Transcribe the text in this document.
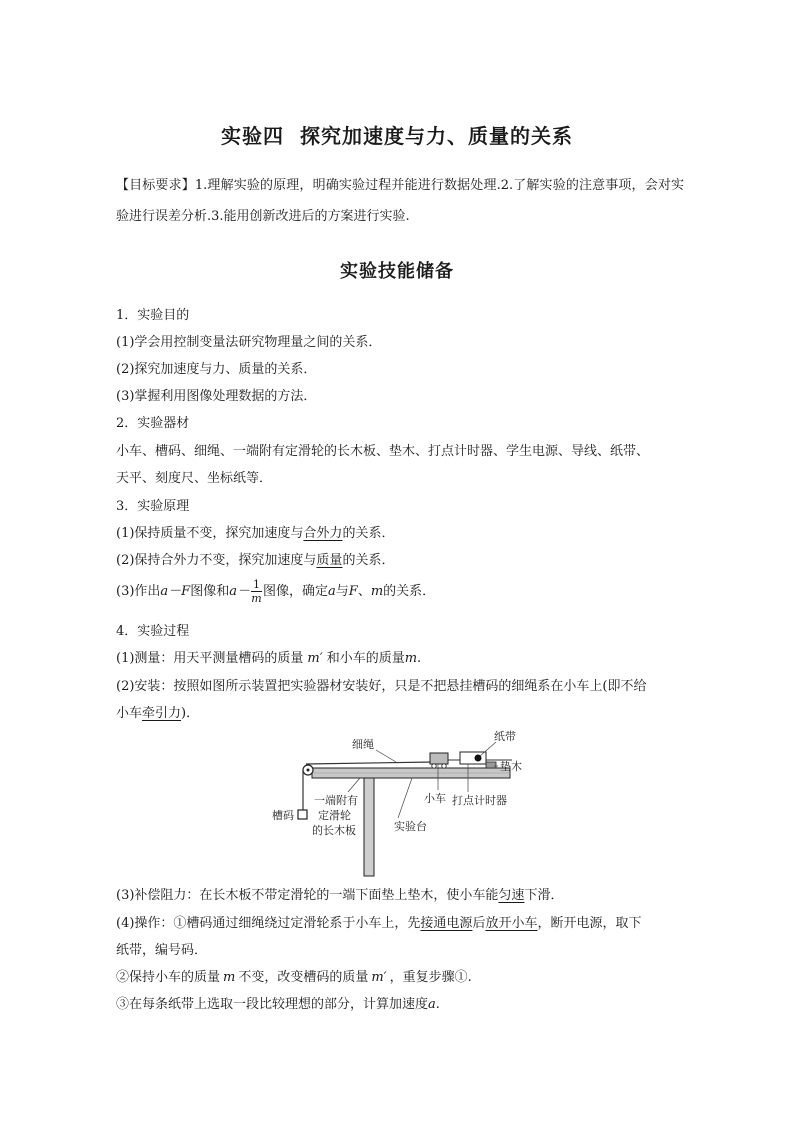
实验四 探究加速度与力、质量的关系
【目标要求】1.理解实验的原理，明确实验过程并能进行数据处理.2.了解实验的注意事项，会对实验进行误差分析.3.能用创新改进后的方案进行实验.
实验技能储备
1．实验目的
(1)学会用控制变量法研究物理量之间的关系．
(2)探究加速度与力、质量的关系．
(3)掌握利用图像处理数据的方法．
2．实验器材
小车、槽码、细绳、一端附有定滑轮的长木板、垫木、打点计时器、学生电源、导线、纸带、
天平、刻度尺、坐标纸等．
3．实验原理
(1)保持质量不变，探究加速度与合外力的关系．
(2)保持合外力不变，探究加速度与质量的关系．
(3)作出a－F图像和$a- \frac{1}{m}$ 图像，确定a与F、m的关系．
4．实验过程
(1)测量：用天平测量槽码的质量 m′ 和小车的质量m.
(2)安装：按照如图所示装置把实验器材安装好，只是不把悬挂槽码的细绳系在小车上(即不给
小车牵引力)．
细绳
纸带
垫木
小车 打点计时器
槽码
一端附有
定滑轮
的长木板	实验台
(3)补偿阻力：在长木板不带定滑轮的一端下面垫上垫木，使小车能匀速下滑．
(4)操作：①槽码通过细绳绕过定滑轮系于小车上，先接通电源后放开小车，断开电源，取下
纸带，编号码．
②保持小车的质量 m 不变，改变槽码的质量 m′ ，重复步骤①.
③在每条纸带上选取一段比较理想的部分，计算加速度a.
